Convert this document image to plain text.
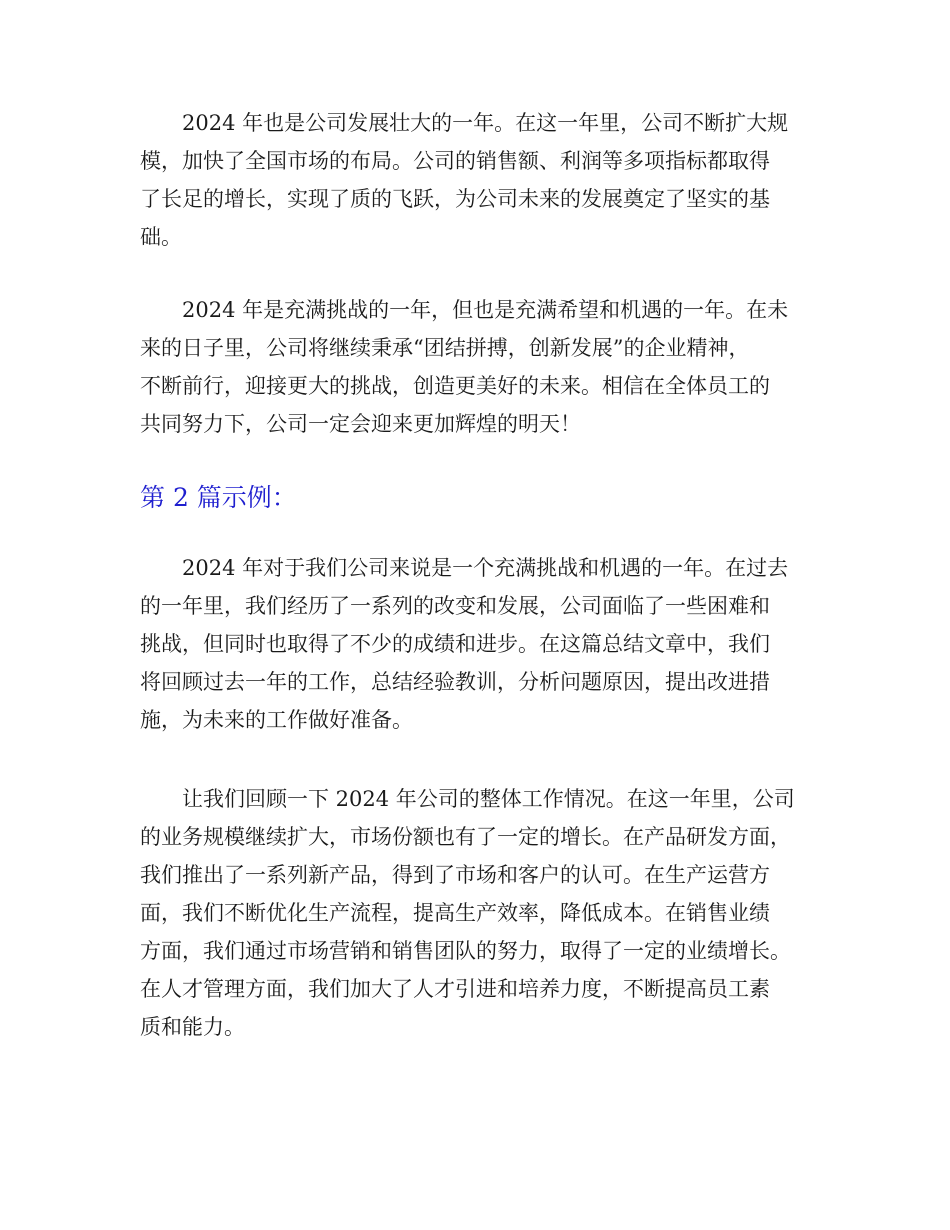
2024 年也是公司发展壮大的一年。在这一年里，公司不断扩大规
模，加快了全国市场的布局。公司的销售额、利润等多项指标都取得
了长足的增长，实现了质的飞跃，为公司未来的发展奠定了坚实的基
础。
2024 年是充满挑战的一年，但也是充满希望和机遇的一年。在未
来的日子里，公司将继续秉承“团结拼搏，创新发展”的企业精神，
不断前行，迎接更大的挑战，创造更美好的未来。相信在全体员工的
共同努力下，公司一定会迎来更加辉煌的明天！
第 2 篇示例：
2024 年对于我们公司来说是一个充满挑战和机遇的一年。在过去
的一年里，我们经历了一系列的改变和发展，公司面临了一些困难和
挑战，但同时也取得了不少的成绩和进步。在这篇总结文章中，我们
将回顾过去一年的工作，总结经验教训，分析问题原因，提出改进措
施，为未来的工作做好准备。
让我们回顾一下 2024 年公司的整体工作情况。在这一年里，公司
的业务规模继续扩大，市场份额也有了一定的增长。在产品研发方面，
我们推出了一系列新产品，得到了市场和客户的认可。在生产运营方
面，我们不断优化生产流程，提高生产效率，降低成本。在销售业绩
方面，我们通过市场营销和销售团队的努力，取得了一定的业绩增长。
在人才管理方面，我们加大了人才引进和培养力度，不断提高员工素
质和能力。
